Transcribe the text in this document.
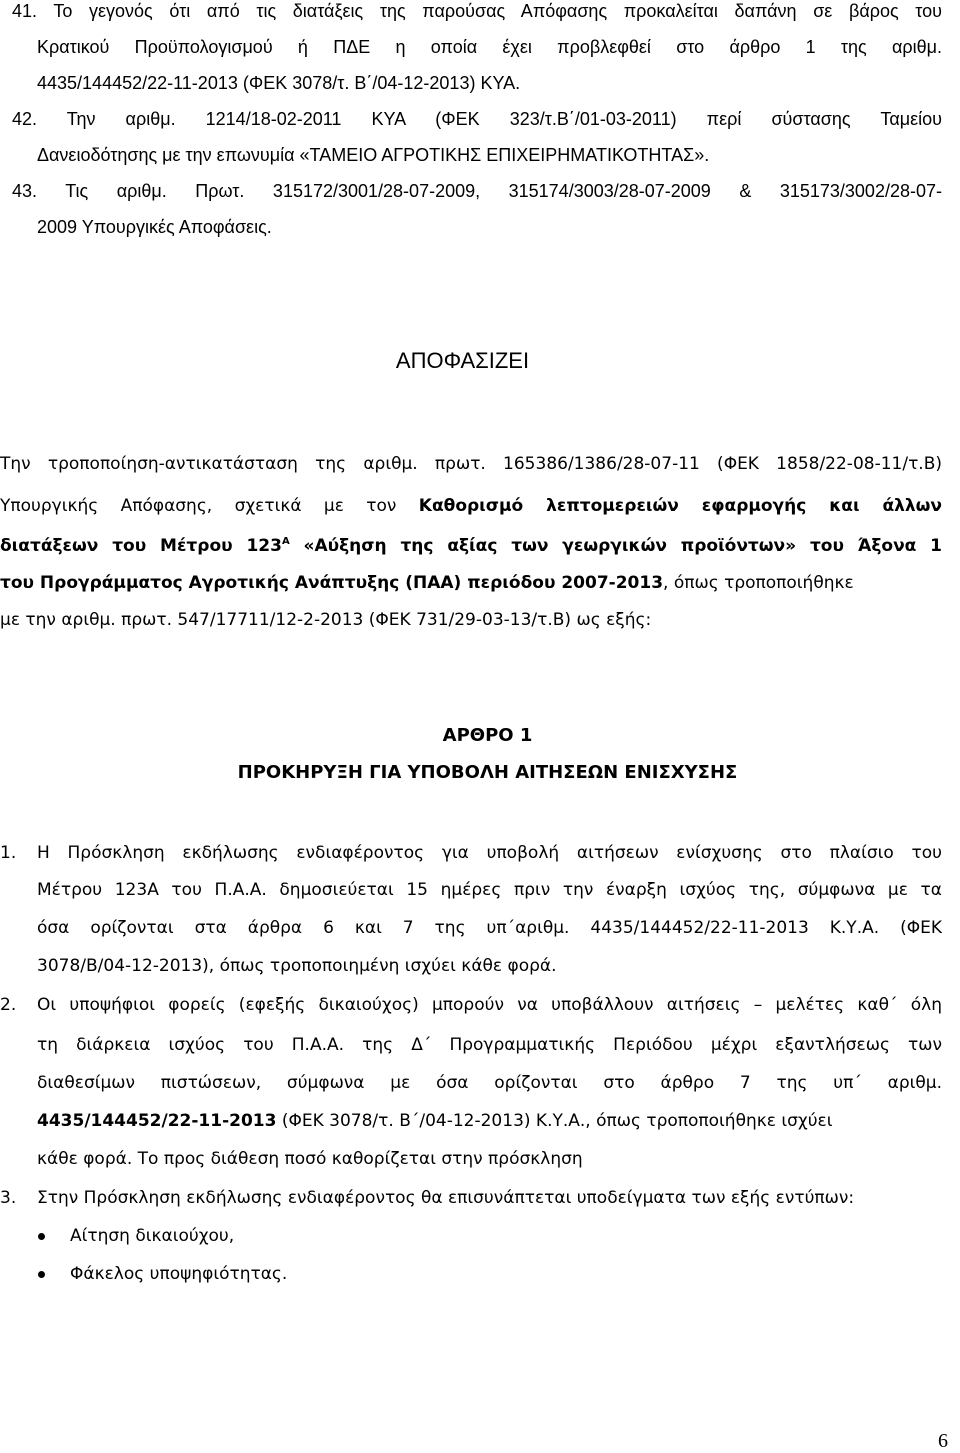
41. Το γεγονός ότι από τις διατάξεις της παρούσας Απόφασης προκαλείται δαπάνη σε βάρος του
Κρατικού Προϋπολογισμού ή ΠΔΕ η οποία έχει προβλεφθεί στο άρθρο 1 της αριθμ.
4435/144452/22-11-2013 (ΦΕΚ 3078/τ. Β΄/04-12-2013) ΚΥΑ.
42. Την αριθμ. 1214/18-02-2011 ΚΥΑ (ΦΕΚ 323/τ.Β΄/01-03-2011) περί σύστασης Ταμείου
Δανειοδότησης με την επωνυμία «ΤΑΜΕΙΟ ΑΓΡΟΤΙΚΗΣ ΕΠΙΧΕΙΡΗΜΑΤΙΚΟΤΗΤΑΣ».
43. Τις αριθμ. Πρωτ. 315172/3001/28-07-2009, 315174/3003/28-07-2009 & 315173/3002/28-07-
2009 Υπουργικές Αποφάσεις.
ΑΠΟΦΑΣΙΖΕΙ
Την τροποποίηση-αντικατάσταση της αριθμ. πρωτ. 165386/1386/28-07-11 (ΦΕΚ 1858/22-08-11/τ.Β)
Υπουργικής Απόφασης, σχετικά με τον Καθορισμό λεπτομερειών εφαρμογής και άλλων
διατάξεων του Μέτρου $123^A$ «Αύξηση της αξίας των γεωργικών προϊόντων» του Άξονα 1
του Προγράμματος Αγροτικής Ανάπτυξης (ΠΑΑ) περιόδου 2007-2013, όπως τροποποιήθηκε
με την αριθμ. πρωτ. 547/17711/12-2-2013 (ΦΕΚ 731/29-03-13/τ.Β) ως εξής:
ΑΡΘΡΟ 1
ΠΡΟΚΗΡΥΞΗ ΓΙΑ ΥΠΟΒΟΛΗ ΑΙΤΗΣΕΩΝ ΕΝΙΣΧΥΣΗΣ
1. Η Πρόσκληση εκδήλωσης ενδιαφέροντος για υποβολή αιτήσεων ενίσχυσης στο πλαίσιο του
Μέτρου 123Α του Π.Α.Α. δημοσιεύεται 15 ημέρες πριν την έναρξη ισχύος της, σύμφωνα με τα
όσα ορίζονται στα άρθρα 6 και 7 της υπ΄αριθμ. 4435/144452/22-11-2013 Κ.Υ.Α. (ΦΕΚ
3078/Β/04-12-2013), όπως τροποποιημένη ισχύει κάθε φορά.
2. Οι υποψήφιοι φορείς (εφεξής δικαιούχος) μπορούν να υποβάλλουν αιτήσεις – μελέτες καθ΄ όλη
τη διάρκεια ισχύος του Π.Α.Α. της Δ΄ Προγραμματικής Περιόδου μέχρι εξαντλήσεως των
διαθεσίμων πιστώσεων, σύμφωνα με όσα ορίζονται στο άρθρο 7 της υπ΄ αριθμ.
4435/144452/22-11-2013 (ΦΕΚ 3078/τ. Β΄/04-12-2013) Κ.Υ.Α., όπως τροποποιήθηκε ισχύει
κάθε φορά. Το προς διάθεση ποσό καθορίζεται στην πρόσκληση
3. Στην Πρόσκληση εκδήλωσης ενδιαφέροντος θα επισυνάπτεται υποδείγματα των εξής εντύπων:
Αίτηση δικαιούχου,
Φάκελος υποψηφιότητας.
6
